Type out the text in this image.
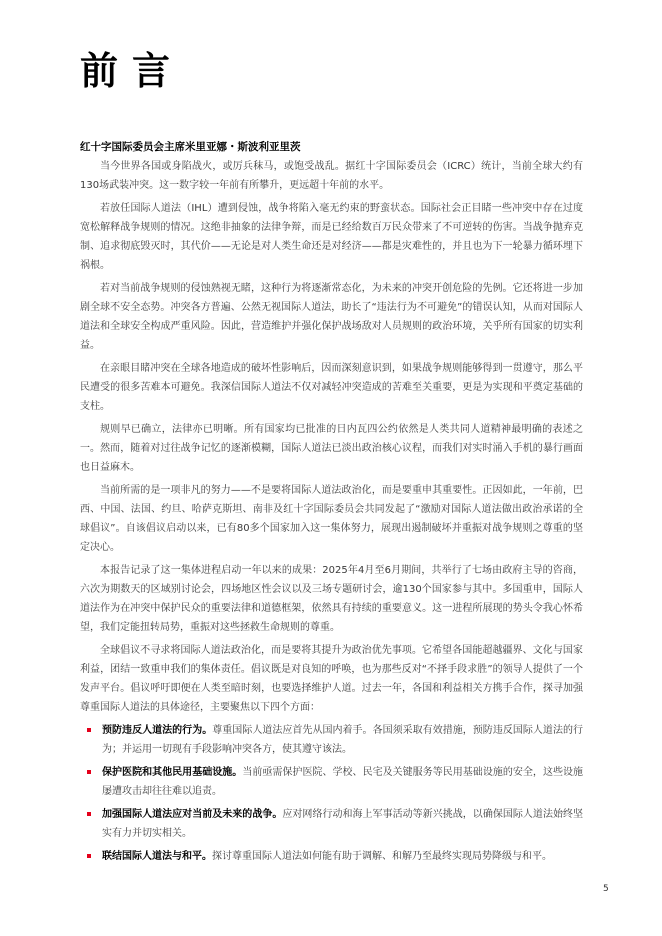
前言

红十字国际委员会主席米里亚娜・斯波利亚里茨

当今世界各国或身陷战火，或厉兵秣马，或饱受战乱。据红十字国际委员会（ICRC）统计，当前全球大约有130场武装冲突。这一数字较一年前有所攀升，更远超十年前的水平。

若放任国际人道法（IHL）遭到侵蚀，战争将陷入毫无约束的野蛮状态。国际社会正目睹一些冲突中存在过度宽松解释战争规则的情况。这绝非抽象的法律争辩，而是已经给数百万民众带来了不可逆转的伤害。当战争抛弃克制、追求彻底毁灭时，其代价——无论是对人类生命还是对经济——都是灾难性的，并且也为下一轮暴力循环埋下祸根。

若对当前战争规则的侵蚀熟视无睹，这种行为将逐渐常态化，为未来的冲突开创危险的先例。它还将进一步加剧全球不安全态势。冲突各方普遍、公然无视国际人道法，助长了“违法行为不可避免”的错误认知，从而对国际人道法和全球安全构成严重风险。因此，营造维护并强化保护战场敌对人员规则的政治环境，关乎所有国家的切实利益。

在亲眼目睹冲突在全球各地造成的破坏性影响后，因而深刻意识到，如果战争规则能够得到一贯遵守，那么平民遭受的很多苦难本可避免。我深信国际人道法不仅对减轻冲突造成的苦难至关重要，更是为实现和平奠定基础的支柱。

规则早已确立，法律亦已明晰。所有国家均已批准的日内瓦四公约依然是人类共同人道精神最明确的表述之一。然而，随着对过往战争记忆的逐渐模糊，国际人道法已淡出政治核心议程，而我们对实时涌入手机的暴行画面也日益麻木。

当前所需的是一项非凡的努力——不是要将国际人道法政治化，而是要重申其重要性。正因如此，一年前，巴西、中国、法国、约旦、哈萨克斯坦、南非及红十字国际委员会共同发起了“激励对国际人道法做出政治承诺的全球倡议”。自该倡议启动以来，已有80多个国家加入这一集体努力，展现出遏制破坏并重振对战争规则之尊重的坚定决心。

本报告记录了这一集体进程启动一年以来的成果：2025年4月至6月期间，共举行了七场由政府主导的咨商，六次为期数天的区域别讨论会，四场地区性会议以及三场专题研讨会，逾130个国家参与其中。多国重申，国际人道法作为在冲突中保护民众的重要法律和道德框架，依然具有持续的重要意义。这一进程所展现的势头令我心怀希望，我们定能扭转局势，重振对这些拯救生命规则的尊重。

全球倡议不寻求将国际人道法政治化，而是要将其提升为政治优先事项。它希望各国能超越疆界、文化与国家利益，团结一致重申我们的集体责任。倡议既是对良知的呼唤，也为那些反对“不择手段求胜”的领导人提供了一个发声平台。倡议呼吁即便在人类至暗时刻，也要选择维护人道。过去一年，各国和利益相关方携手合作，探寻加强尊重国际人道法的具体途径，主要聚焦以下四个方面：

预防违反人道法的行为。尊重国际人道法应首先从国内着手。各国须采取有效措施，预防违反国际人道法的行为；并运用一切现有手段影响冲突各方，使其遵守该法。
保护医院和其他民用基础设施。当前亟需保护医院、学校、民宅及关键服务等民用基础设施的安全，这些设施屡遭攻击却往往难以追责。
加强国际人道法应对当前及未来的战争。应对网络行动和海上军事活动等新兴挑战，以确保国际人道法始终坚实有力并切实相关。
联结国际人道法与和平。探讨尊重国际人道法如何能有助于调解、和解乃至最终实现局势降级与和平。
5
